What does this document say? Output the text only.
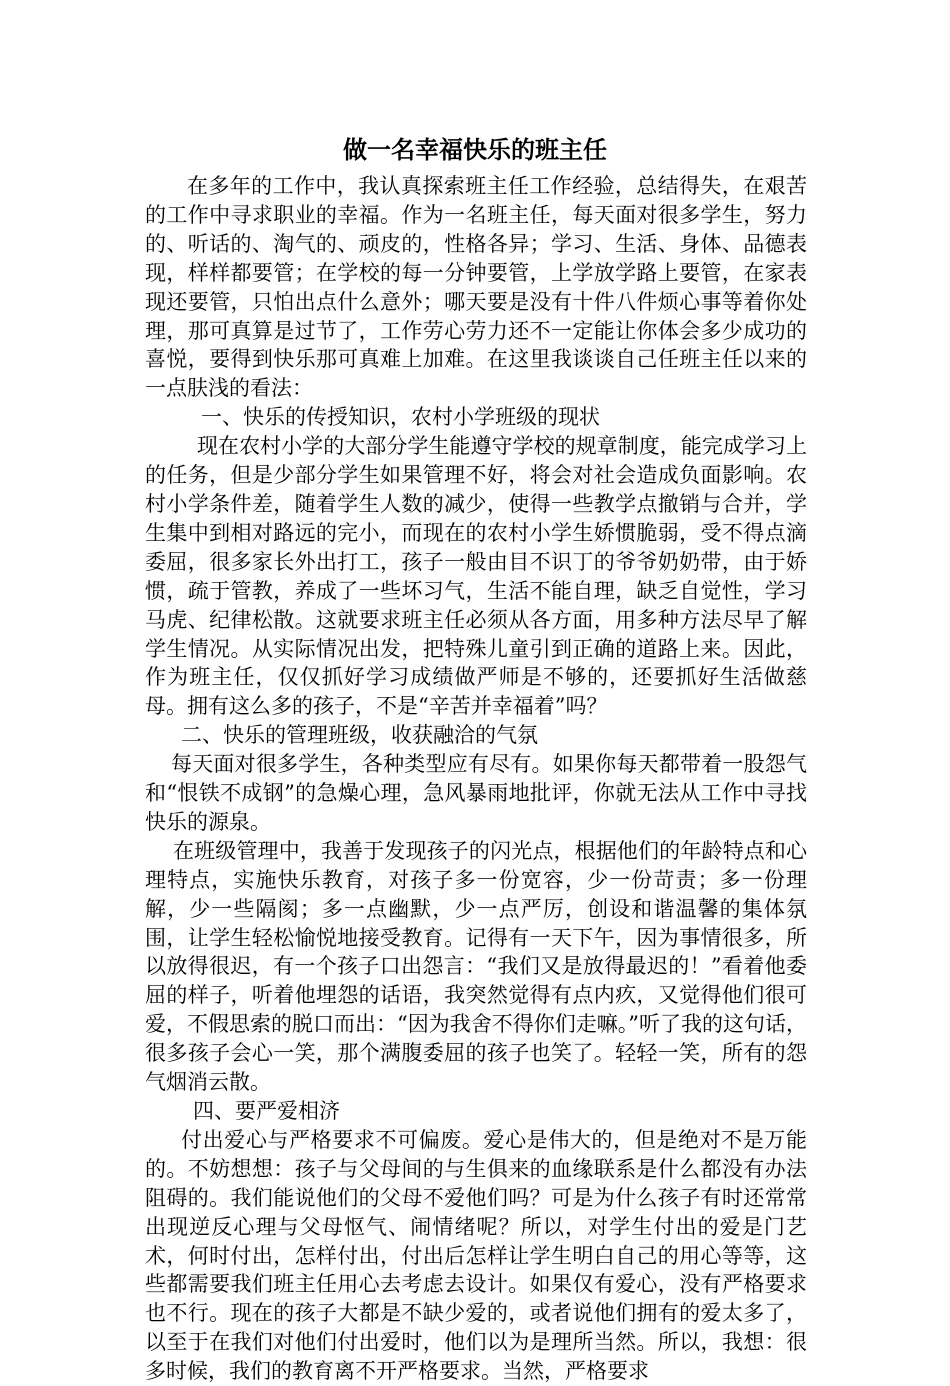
做一名幸福快乐的班主任

在多年的工作中，我认真探索班主任工作经验，总结得失，在艰苦的工作中寻求职业的幸福。作为一名班主任，每天面对很多学生，努力的、听话的、淘气的、顽皮的，性格各异；学习、生活、身体、品德表现，样样都要管；在学校的每一分钟要管，上学放学路上要管，在家表现还要管，只怕出点什么意外；哪天要是没有十件八件烦心事等着你处理，那可真算是过节了，工作劳心劳力还不一定能让你体会多少成功的喜悦，要得到快乐那可真难上加难。在这里我谈谈自己任班主任以来的一点肤浅的看法：

一、快乐的传授知识，农村小学班级的现状

现在农村小学的大部分学生能遵守学校的规章制度，能完成学习上的任务，但是少部分学生如果管理不好，将会对社会造成负面影响。农村小学条件差，随着学生人数的减少，使得一些教学点撤销与合并，学生集中到相对路远的完小，而现在的农村小学生娇惯脆弱，受不得点滴委屈，很多家长外出打工，孩子一般由目不识丁的爷爷奶奶带，由于娇惯，疏于管教，养成了一些坏习气，生活不能自理，缺乏自觉性，学习马虎、纪律松散。这就要求班主任必须从各方面，用多种方法尽早了解学生情况。从实际情况出发，把特殊儿童引到正确的道路上来。因此，作为班主任，仅仅抓好学习成绩做严师是不够的，还要抓好生活做慈母。拥有这么多的孩子，不是“辛苦并幸福着”吗？

二、快乐的管理班级，收获融洽的气氛

每天面对很多学生，各种类型应有尽有。如果你每天都带着一股怨气和“恨铁不成钢”的急燥心理，急风暴雨地批评，你就无法从工作中寻找快乐的源泉。

在班级管理中，我善于发现孩子的闪光点，根据他们的年龄特点和心理特点，实施快乐教育，对孩子多一份宽容，少一份苛责；多一份理解，少一些隔阂；多一点幽默，少一点严厉，创设和谐温馨的集体氛围，让学生轻松愉悦地接受教育。记得有一天下午，因为事情很多，所以放得很迟，有一个孩子口出怨言：“我们又是放得最迟的！”看着他委屈的样子，听着他埋怨的话语，我突然觉得有点内疚，又觉得他们很可爱，不假思索的脱口而出：“因为我舍不得你们走嘛。”听了我的这句话，很多孩子会心一笑，那个满腹委屈的孩子也笑了。轻轻一笑，所有的怨气烟消云散。

四、要严爱相济

付出爱心与严格要求不可偏废。爱心是伟大的，但是绝对不是万能的。不妨想想：孩子与父母间的与生俱来的血缘联系是什么都没有办法阻碍的。我们能说他们的父母不爱他们吗？可是为什么孩子有时还常常出现逆反心理与父母怄气、闹情绪呢？所以，对学生付出的爱是门艺术，何时付出，怎样付出，付出后怎样让学生明白自己的用心等等，这些都需要我们班主任用心去考虑去设计。如果仅有爱心，没有严格要求也不行。现在的孩子大都是不缺少爱的，或者说他们拥有的爱太多了，以至于在我们对他们付出爱时，他们以为是理所当然。所以，我想：很多时候，我们的教育离不开严格要求。当然，严格要求
